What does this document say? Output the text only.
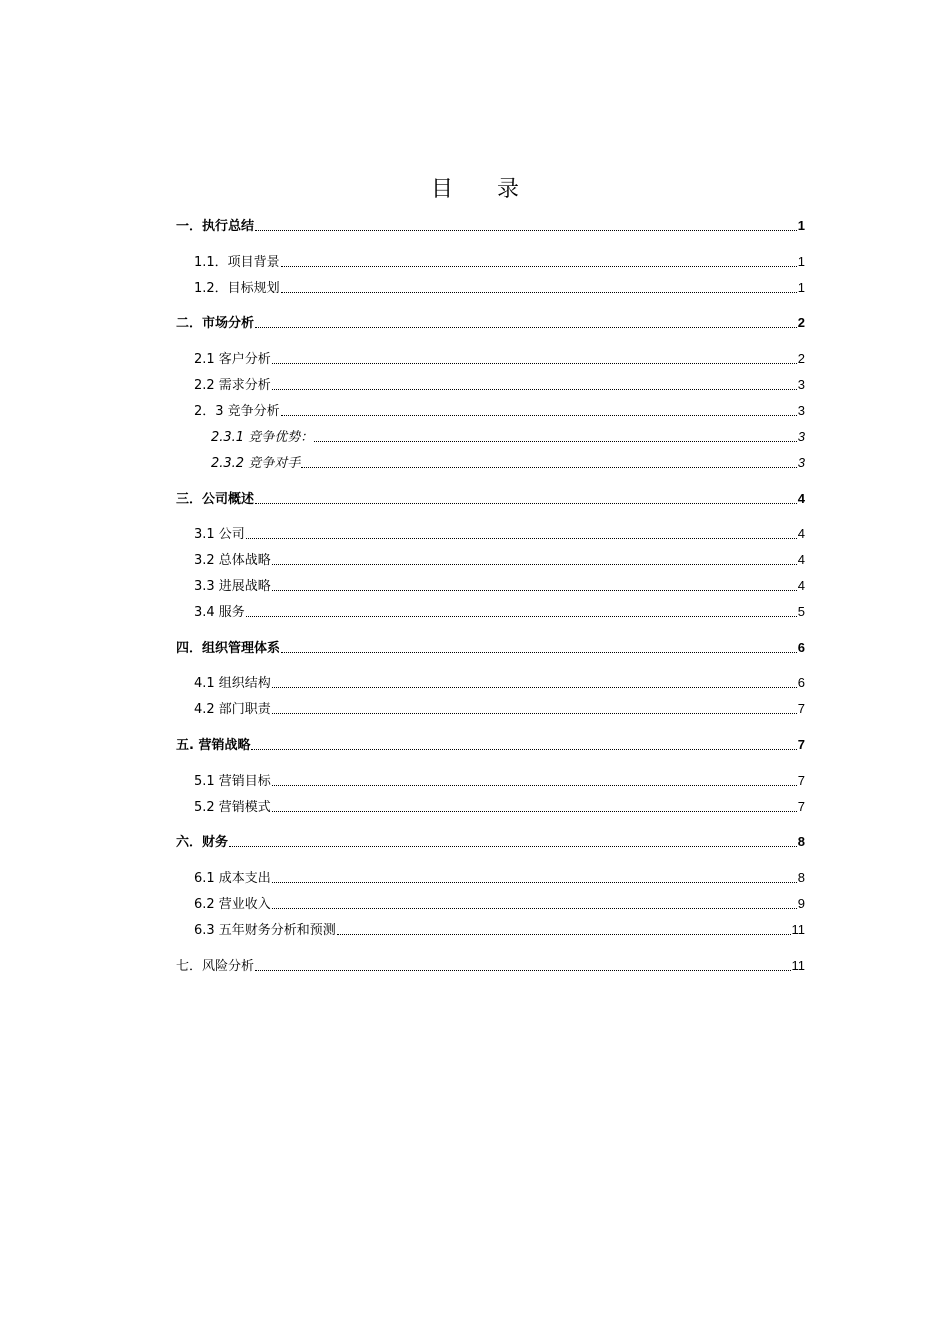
目 录
一．执行总结	1
1.1．项目背景	1
1.2．目标规划	1
二．市场分析	2
2.1 客户分析	2
2.2 需求分析	3
2．3 竞争分析	3
2.3.1 竞争优势：	3
2.3.2 竞争对手	3
三．公司概述	4
3.1 公司	4
3.2 总体战略	4
3.3 进展战略	4
3.4 服务	5
四．组织管理体系	6
4.1 组织结构	6
4.2 部门职责	7
五. 营销战略	7
5.1 营销目标	7
5.2 营销模式	7
六．财务	8
6.1 成本支出	8
6.2 营业收入	9
6.3 五年财务分析和预测	11
七．风险分析	11
